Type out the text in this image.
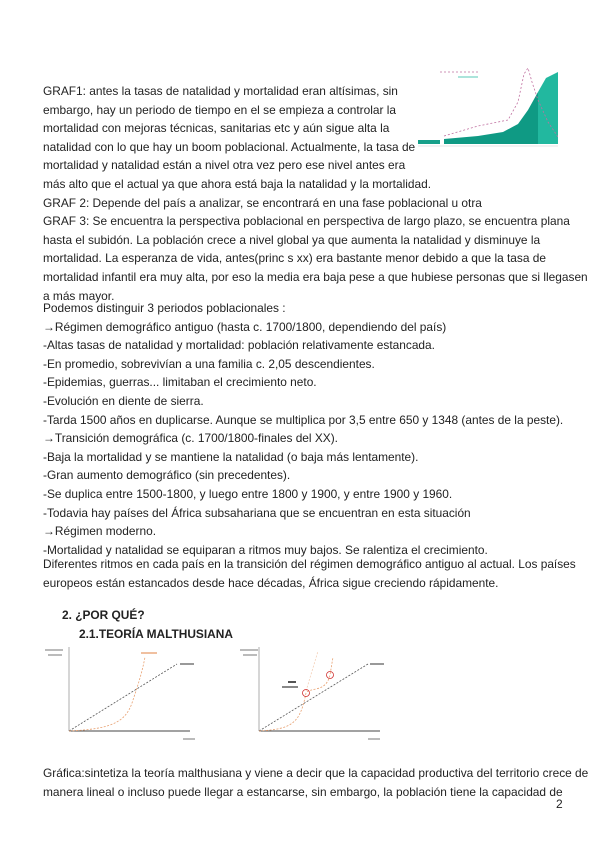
GRAF1: antes la tasas de natalidad y mortalidad eran altísimas, sin
embargo, hay un periodo de tiempo en el se empieza a controlar la
mortalidad con mejoras técnicas, sanitarias etc y aún sigue alta la
natalidad con lo que hay un boom poblacional. Actualmente, la tasa de
mortalidad y natalidad están a nivel otra vez pero ese nivel antes era
más alto que el actual ya que ahora está baja la natalidad y la mortalidad.
GRAF 2: Depende del país a analizar, se encontrará en una fase poblacional u otra
GRAF 3: Se encuentra la perspectiva poblacional en perspectiva de largo plazo, se encuentra plana
hasta el subidón. La población crece a nivel global ya que aumenta la natalidad y disminuye la
mortalidad. La esperanza de vida, antes(princ s xx) era bastante menor debido a que la tasa de
mortalidad infantil era muy alta, por eso la media era baja pese a que hubiese personas que si llegasen
a más mayor.
Podemos distinguir 3 periodos poblacionales :
→Régimen demográfico antiguo (hasta c. 1700/1800, dependiendo del país)
-Altas tasas de natalidad y mortalidad: población relativamente estancada.
-En promedio, sobrevivían a una familia c. 2,05 descendientes.
-Epidemias, guerras... limitaban el crecimiento neto.
-Evolución en diente de sierra.
-Tarda 1500 años en duplicarse. Aunque se multiplica por 3,5 entre 650 y 1348 (antes de la peste).
→Transición demográfica (c. 1700/1800-finales del XX).
-Baja la mortalidad y se mantiene la natalidad (o baja más lentamente).
-Gran aumento demográfico (sin precedentes).
-Se duplica entre 1500-1800, y luego entre 1800 y 1900, y entre 1900 y 1960.
-Todavia hay países del África subsahariana que se encuentran en esta situación
→Régimen moderno.
-Mortalidad y natalidad se equiparan a ritmos muy bajos. Se ralentiza el crecimiento.
Diferentes ritmos en cada país en la transición del régimen demográfico antiguo al actual. Los países
europeos están estancados desde hace décadas, África sigue creciendo rápidamente.
2. ¿POR QUÉ?
2.1.TEORÍA MALTHUSIANA
Gráfica:sintetiza la teoría malthusiana y viene a decir que la capacidad productiva del territorio crece de
manera lineal o incluso puede llegar a estancarse, sin embargo, la población tiene la capacidad de
2
